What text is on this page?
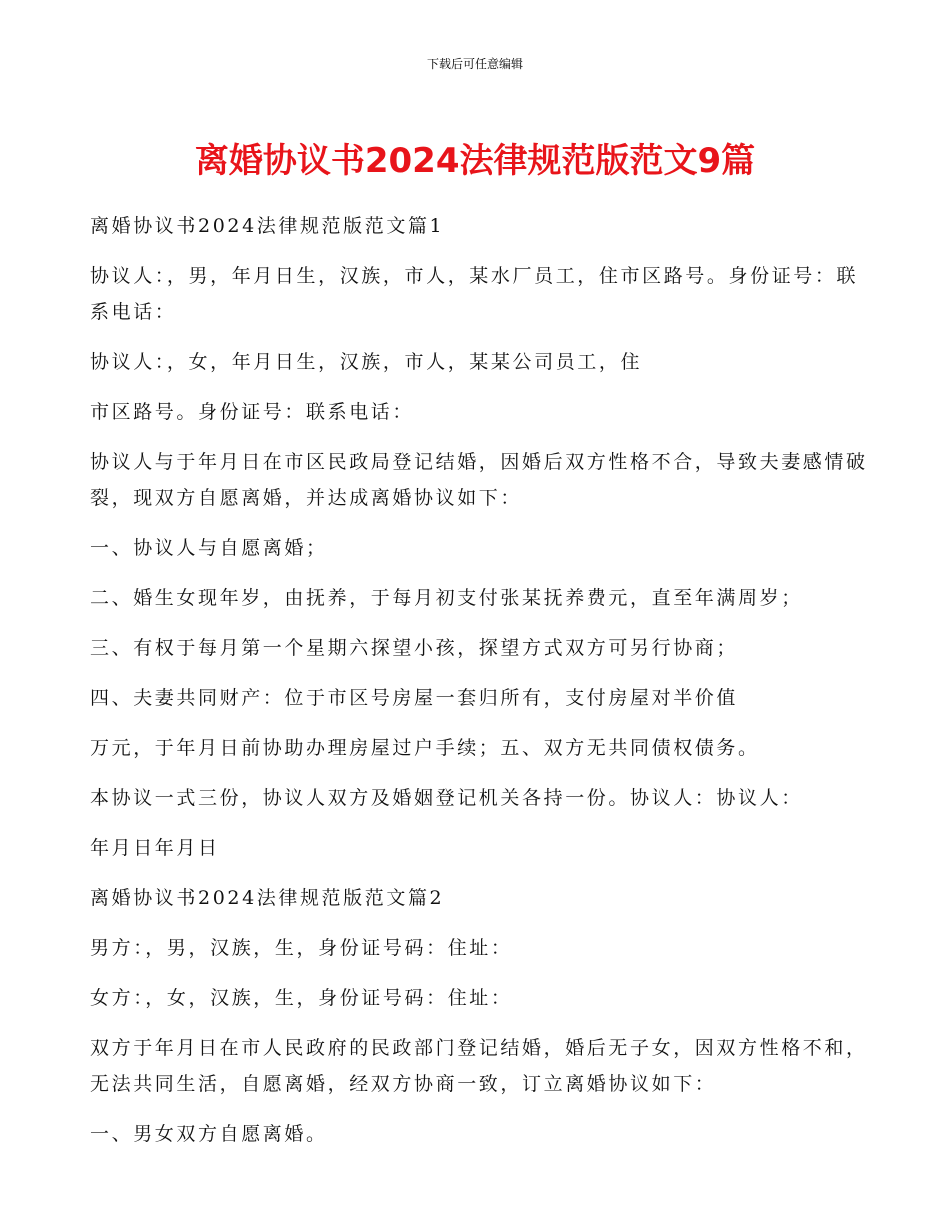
下载后可任意编辑
离婚协议书2024法律规范版范文9篇

离婚协议书2024法律规范版范文篇1

协议人：，男，年月日生，汉族，市人，某水厂员工，住市区路号。身份证号：联系电话：

协议人：，女，年月日生，汉族，市人，某某公司员工，住

市区路号。身份证号：联系电话：

协议人与于年月日在市区民政局登记结婚，因婚后双方性格不合，导致夫妻感情破裂，现双方自愿离婚，并达成离婚协议如下：

一、协议人与自愿离婚；

二、婚生女现年岁，由抚养，于每月初支付张某抚养费元，直至年满周岁；

三、有权于每月第一个星期六探望小孩，探望方式双方可另行协商；

四、夫妻共同财产：位于市区号房屋一套归所有，支付房屋对半价值

万元，于年月日前协助办理房屋过户手续；五、双方无共同债权债务。

本协议一式三份，协议人双方及婚姻登记机关各持一份。协议人：协议人：

年月日年月日

离婚协议书2024法律规范版范文篇2

男方：，男，汉族，生，身份证号码：住址：

女方：，女，汉族，生，身份证号码：住址：

双方于年月日在市人民政府的民政部门登记结婚，婚后无子女，因双方性格不和，无法共同生活，自愿离婚，经双方协商一致，订立离婚协议如下：

一、男女双方自愿离婚。
